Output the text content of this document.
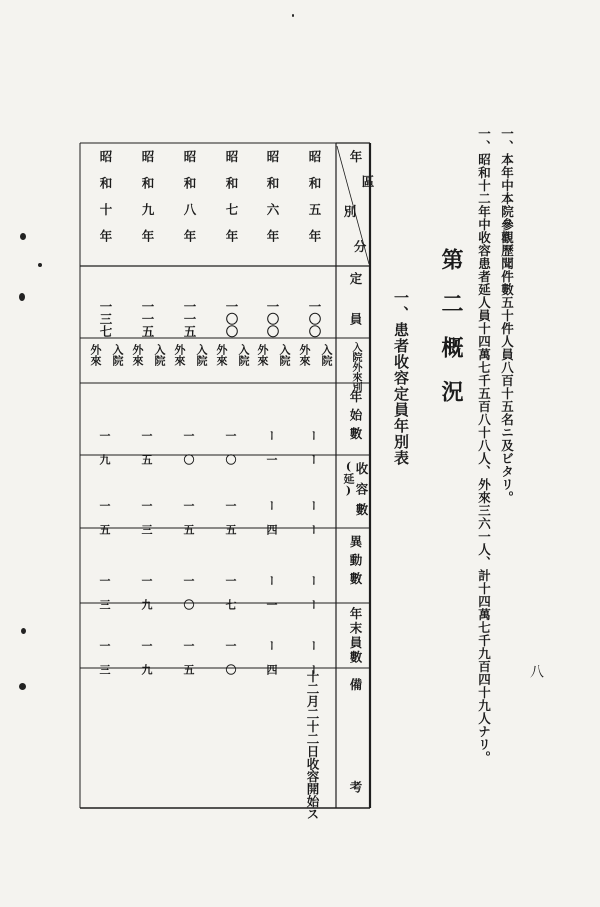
八
一、本年中本院參觀歷聞件數五十件人員八百十五名ニ及ビタリ。
一、昭和十二年中收容患者延人員十四萬七千五百八十八人、外來三六一人、計十四萬七千九百四十九人ナリ。
第二概況
一、患者收容定員年別表
年
區
別
分
定員
入院外來別
年始數
(延) 收容數
異動數
年末員數
備考
昭和五年
一〇〇
入院
外來
ー ー
ー ー
ー ー
ー ー
十二月二十二日收容開始ス
昭和六年
一〇〇
入院
外來
ー 一
ー 四
ー 一
ー 四
昭和七年
一〇〇
入院
外來
一 〇
一 五
一 七
一 〇
昭和八年
一一五
入院
外來
一 〇
一 五
一 〇
一 五
昭和九年
一一五
入院
外來
一 五
一 三
一 九
一 九
昭和十年
一三七
入院
外來
一 九
一 五
一 三
一 三
